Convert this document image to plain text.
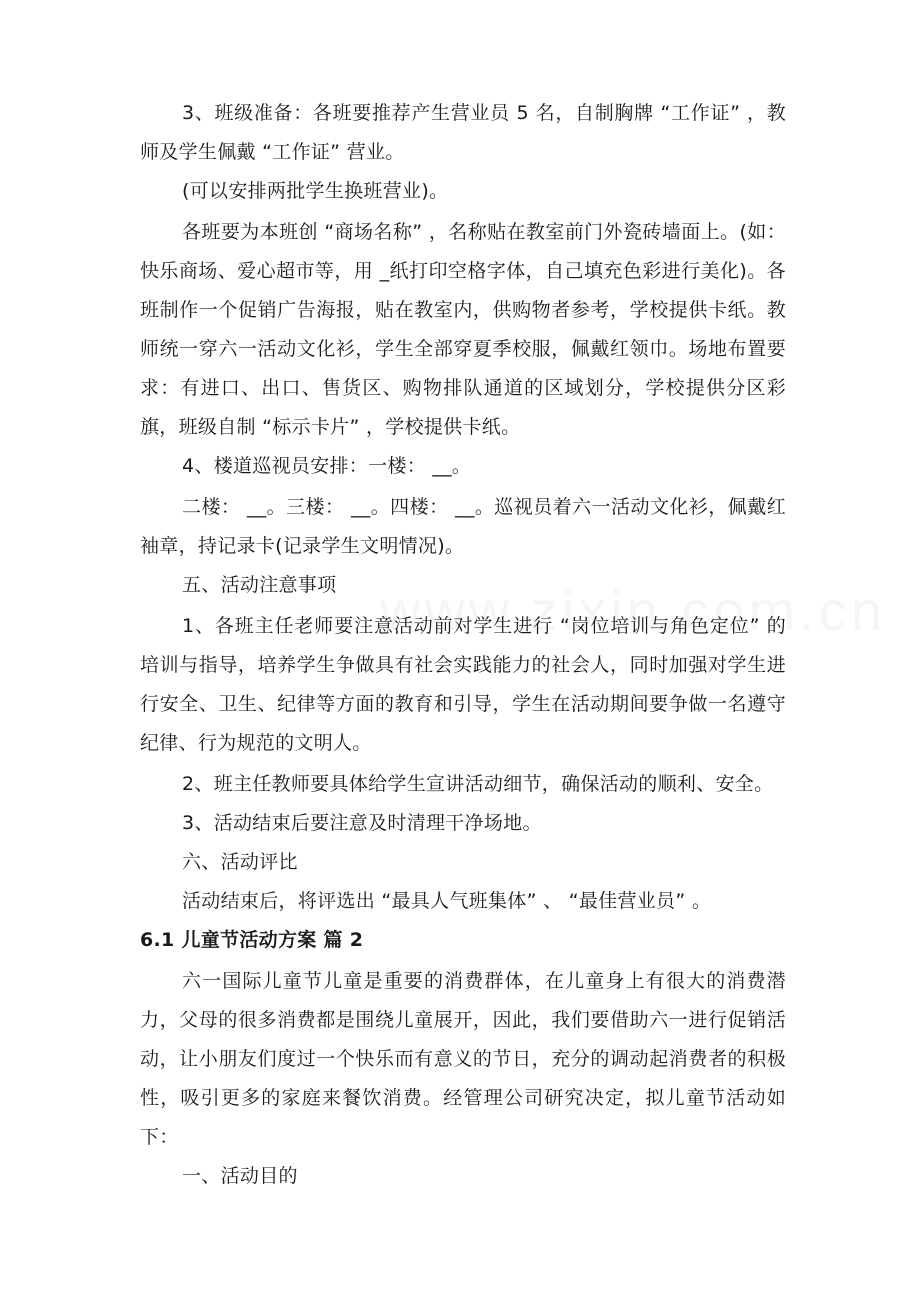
3、班级准备：各班要推荐产生营业员 5 名，自制胸牌 “工作证” ，教师及学生佩戴 “工作证” 营业。

(可以安排两批学生换班营业)。

各班要为本班创 “商场名称” ，名称贴在教室前门外瓷砖墙面上。(如：快乐商场、爱心超市等，用 _纸打印空格字体，自己填充色彩进行美化)。各班制作一个促销广告海报，贴在教室内，供购物者参考，学校提供卡纸。教师统一穿六一活动文化衫，学生全部穿夏季校服，佩戴红领巾。场地布置要求：有进口、出口、售货区、购物排队通道的区域划分，学校提供分区彩旗，班级自制 “标示卡片” ，学校提供卡纸。

4、楼道巡视员安排：一楼： __。

二楼： __。三楼： __。四楼： __。巡视员着六一活动文化衫，佩戴红袖章，持记录卡(记录学生文明情况)。

五、活动注意事项

1、各班主任老师要注意活动前对学生进行 “岗位培训与角色定位” 的培训与指导，培养学生争做具有社会实践能力的社会人，同时加强对学生进行安全、卫生、纪律等方面的教育和引导，学生在活动期间要争做一名遵守纪律、行为规范的文明人。

2、班主任教师要具体给学生宣讲活动细节，确保活动的顺利、安全。

3、活动结束后要注意及时清理干净场地。

六、活动评比

活动结束后，将评选出 “最具人气班集体” 、 “最佳营业员” 。

6.1 儿童节活动方案 篇 2

六一国际儿童节儿童是重要的消费群体，在儿童身上有很大的消费潜力，父母的很多消费都是围绕儿童展开，因此，我们要借助六一进行促销活动，让小朋友们度过一个快乐而有意义的节日，充分的调动起消费者的积极性，吸引更多的家庭来餐饮消费。经管理公司研究决定，拟儿童节活动如下：

一、活动目的
